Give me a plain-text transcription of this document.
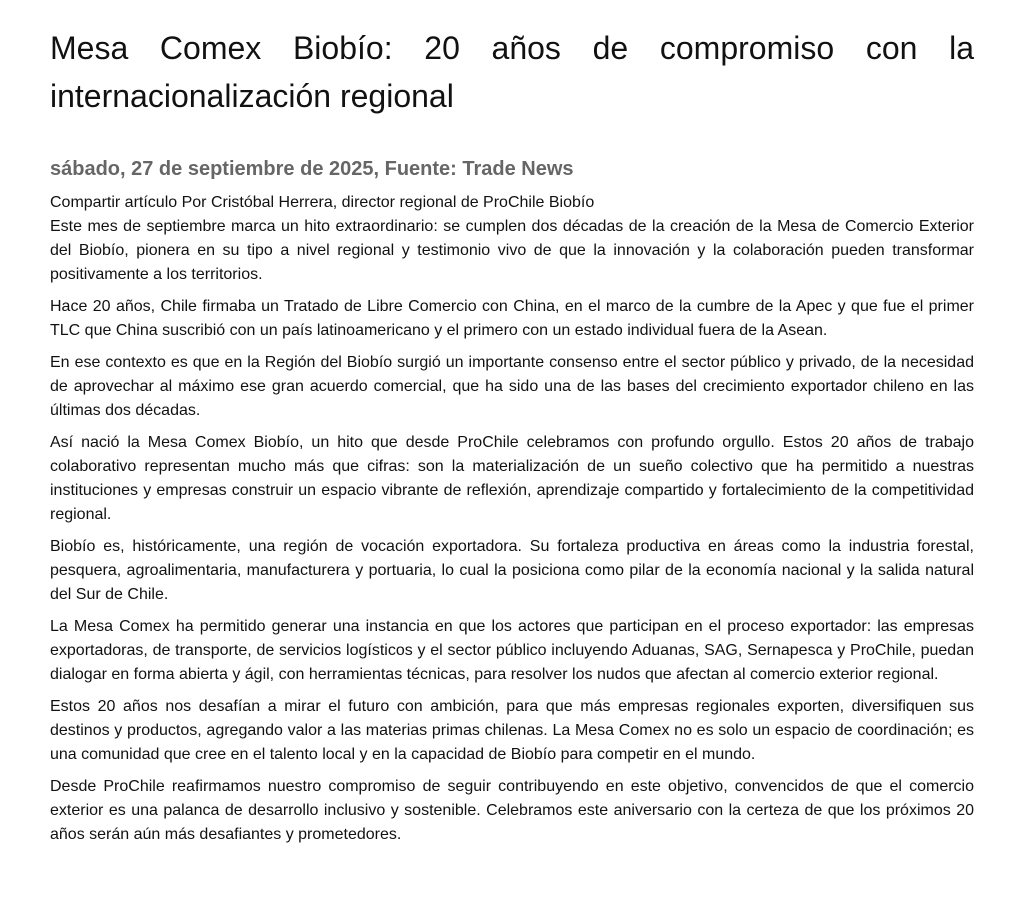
Mesa Comex Biobío: 20 años de compromiso con la internacionalización regional
sábado, 27 de septiembre de 2025, Fuente: Trade News
Compartir artículo Por Cristóbal Herrera, director regional de ProChile Biobío

Este mes de septiembre marca un hito extraordinario: se cumplen dos décadas de la creación de la Mesa de Comercio Exterior del Biobío, pionera en su tipo a nivel regional y testimonio vivo de que la innovación y la colaboración pueden transformar positivamente a los territorios.

Hace 20 años, Chile firmaba un Tratado de Libre Comercio con China, en el marco de la cumbre de la Apec y que fue el primer TLC que China suscribió con un país latinoamericano y el primero con un estado individual fuera de la Asean.

En ese contexto es que en la Región del Biobío surgió un importante consenso entre el sector público y privado, de la necesidad de aprovechar al máximo ese gran acuerdo comercial, que ha sido una de las bases del crecimiento exportador chileno en las últimas dos décadas.

Así nació la Mesa Comex Biobío, un hito que desde ProChile celebramos con profundo orgullo. Estos 20 años de trabajo colaborativo representan mucho más que cifras: son la materialización de un sueño colectivo que ha permitido a nuestras instituciones y empresas construir un espacio vibrante de reflexión, aprendizaje compartido y fortalecimiento de la competitividad regional.

Biobío es, históricamente, una región de vocación exportadora. Su fortaleza productiva en áreas como la industria forestal, pesquera, agroalimentaria, manufacturera y portuaria, lo cual la posiciona como pilar de la economía nacional y la salida natural del Sur de Chile.

La Mesa Comex ha permitido generar una instancia en que los actores que participan en el proceso exportador: las empresas exportadoras, de transporte, de servicios logísticos y el sector público incluyendo Aduanas, SAG, Sernapesca y ProChile, puedan dialogar en forma abierta y ágil, con herramientas técnicas, para resolver los nudos que afectan al comercio exterior regional.

Estos 20 años nos desafían a mirar el futuro con ambición, para que más empresas regionales exporten, diversifiquen sus destinos y productos, agregando valor a las materias primas chilenas. La Mesa Comex no es solo un espacio de coordinación; es una comunidad que cree en el talento local y en la capacidad de Biobío para competir en el mundo.

Desde ProChile reafirmamos nuestro compromiso de seguir contribuyendo en este objetivo, convencidos de que el comercio exterior es una palanca de desarrollo inclusivo y sostenible. Celebramos este aniversario con la certeza de que los próximos 20 años serán aún más desafiantes y prometedores.
